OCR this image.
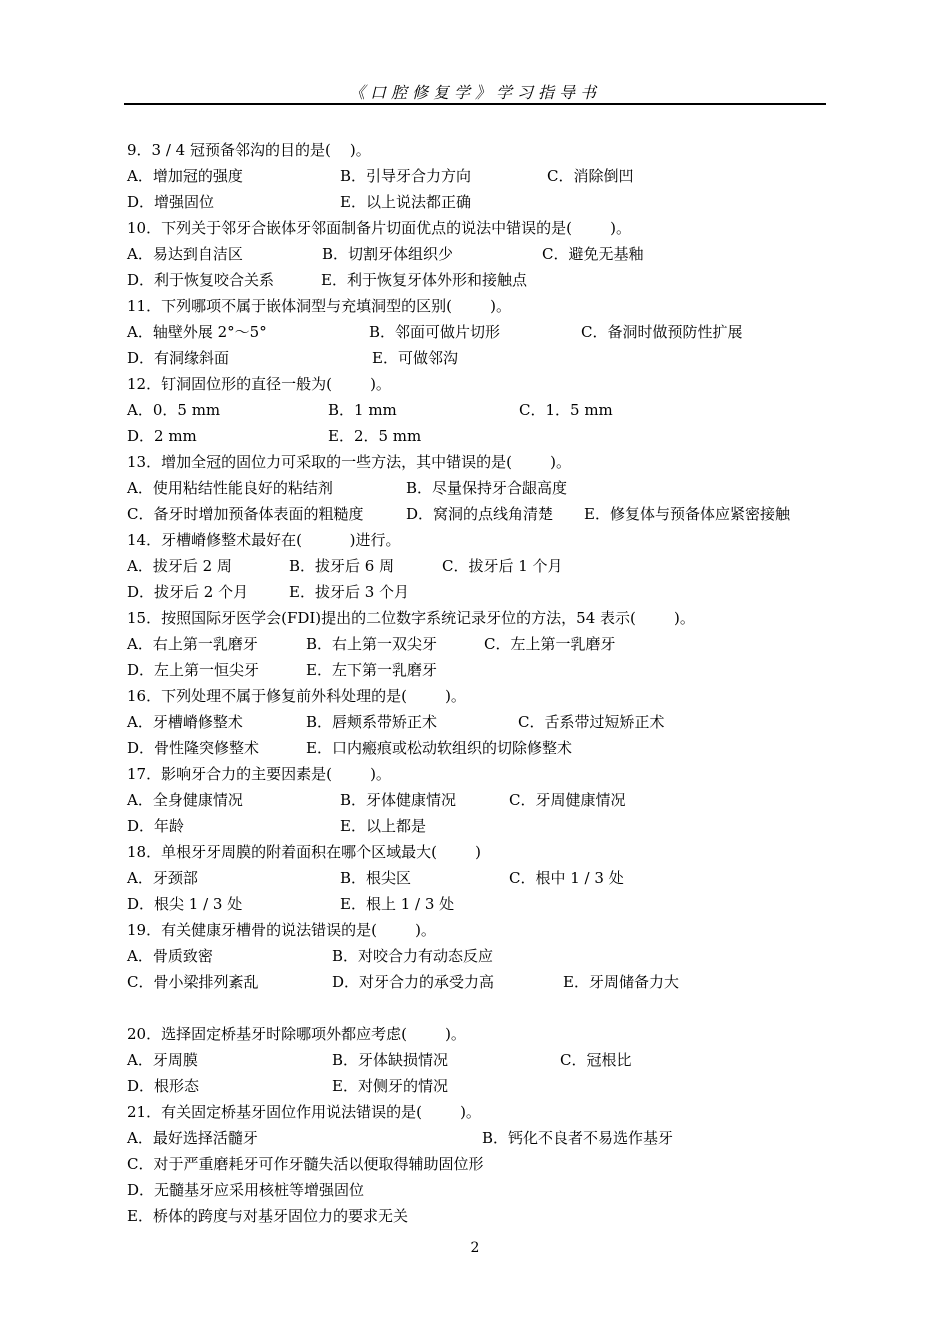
《口腔修复学》学习指导书
9．3 / 4 冠预备邻沟的目的是(    )。
A．增加冠的强度	B．引导牙合力方向	C．消除倒凹
D．增强固位	E．以上说法都正确
10．下列关于邻牙合嵌体牙邻面制备片切面优点的说法中错误的是(        )。
A．易达到自洁区	B．切割牙体组织少	C．避免无基釉
D．利于恢复咬合关系	E．利于恢复牙体外形和接触点
11．下列哪项不属于嵌体洞型与充填洞型的区别(        )。
A．轴壁外展 2°～5°	B．邻面可做片切形	C．备洞时做预防性扩展
D．有洞缘斜面	E．可做邻沟
12．钉洞固位形的直径一般为(        )。
A．0．5 mm	B．1 mm	C．1．5 mm
D．2 mm	E．2．5 mm
13．增加全冠的固位力可采取的一些方法，其中错误的是(        )。
A．使用粘结性能良好的粘结剂	B．尽量保持牙合龈高度
C．备牙时增加预备体表面的粗糙度	D．窝洞的点线角清楚 E．修复体与预备体应紧密接触
14．牙槽嵴修整术最好在(          )进行。
A．拔牙后 2 周	B．拔牙后 6 周	C．拔牙后 1 个月
D．拔牙后 2 个月	E．拔牙后 3 个月
15．按照国际牙医学会(FDI)提出的二位数字系统记录牙位的方法，54 表示(        )。
A．右上第一乳磨牙	B．右上第一双尖牙	C．左上第一乳磨牙
D．左上第一恒尖牙	E．左下第一乳磨牙
16．下列处理不属于修复前外科处理的是(        )。
A．牙槽嵴修整术	B．唇颊系带矫正术	C．舌系带过短矫正术
D．骨性隆突修整术	E．口内瘢痕或松动软组织的切除修整术
17．影响牙合力的主要因素是(        )。
A．全身健康情况	B．牙体健康情况	C．牙周健康情况
D．年龄	E．以上都是
18．单根牙牙周膜的附着面积在哪个区域最大(        )
A．牙颈部	B．根尖区	C．根中 1 / 3 处
D．根尖 1 / 3 处	E．根上 1 / 3 处
19．有关健康牙槽骨的说法错误的是(        )。
A．骨质致密	B．对咬合力有动态反应
C．骨小梁排列紊乱	D．对牙合力的承受力高	E．牙周储备力大
20．选择固定桥基牙时除哪项外都应考虑(        )。
A．牙周膜	B．牙体缺损情况	C．冠根比
D．根形态	E．对侧牙的情况
21．有关固定桥基牙固位作用说法错误的是(        )。
A．最好选择活髓牙	B．钙化不良者不易选作基牙
C．对于严重磨耗牙可作牙髓失活以便取得辅助固位形
D．无髓基牙应采用核桩等增强固位
E．桥体的跨度与对基牙固位力的要求无关
2
